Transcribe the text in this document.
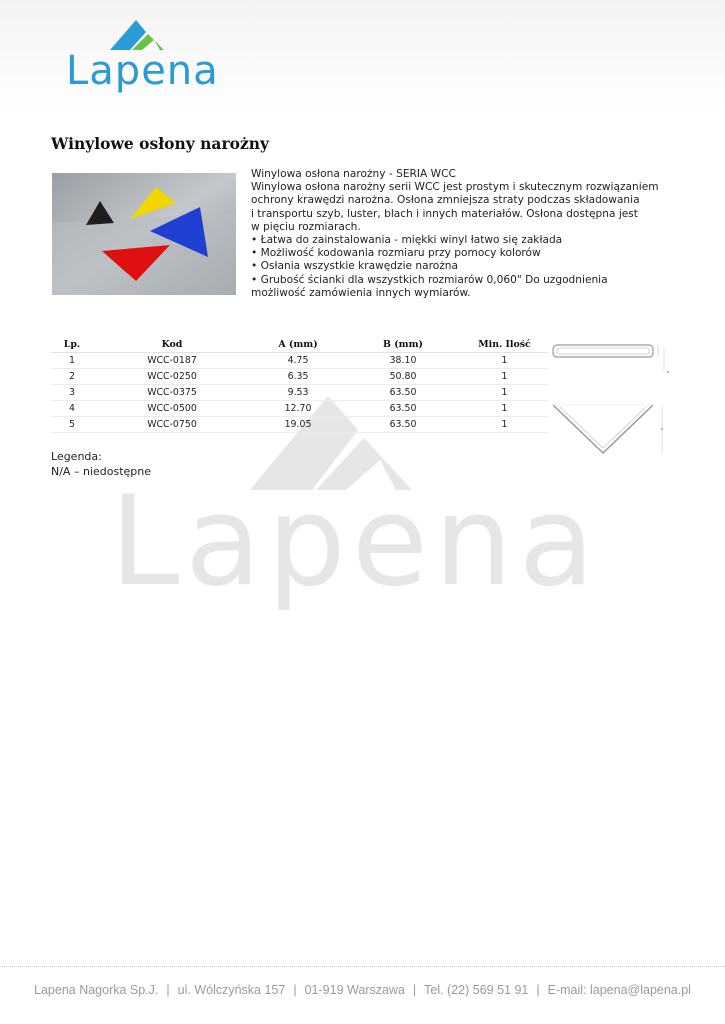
Lapena
Lapena
Winylowe osłony narożny
Winylowa osłona narożny - SERIA WCC
Winylowa osłona narożny serii WCC jest prostym i skutecznym rozwiązaniem
ochrony krawędzi narożna. Osłona zmniejsza straty podczas składowania
i transportu szyb, luster, blach i innych materiałów. Osłona dostępna jest
w pięciu rozmiarach.
• Łatwa do zainstalowania - miękki winyl łatwo się zakłada
• Możliwość kodowania rozmiaru przy pomocy kolorów
• Osłania wszystkie krawędzie narożna
• Grubość ścianki dla wszystkich rozmiarów 0,060" Do uzgodnienia
możliwość zamówienia innych wymiarów.
Lp.	Kod	A (mm)	B (mm)	Min. Ilość
1	WCC-0187	4.75	38.10	1
2	WCC-0250	6.35	50.80	1
3	WCC-0375	9.53	63.50	1
4	WCC-0500	12.70	63.50	1
5	WCC-0750	19.05	63.50	1
Legenda:
N/A – niedostępne
Lapena Nagorka Sp.J. | ul. Wólczyńska 157 | 01-919 Warszawa | Tel. (22) 569 51 91 | E-mail: lapena@lapena.pl
